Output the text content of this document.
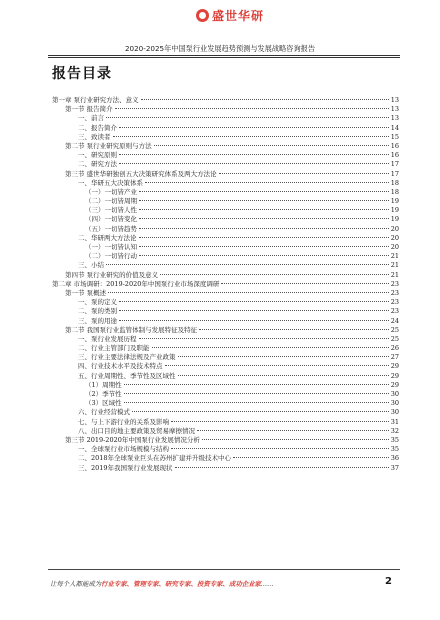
盛世华研
2020-2025年中国泵行业发展趋势预测与发展战略咨询报告
报告目录
第一章 泵行业研究方法、意义	13
第一节 报告简介	13
一、前言	13
二、报告简介	14
三、致读者	15
第二节 泵行业研究原则与方法	16
一、研究原则	16
二、研究方法	17
第三节 盛世华研独创五大决策研究体系及两大方法论	17
一、华研五大决策体系	18
（一）一切皆产业	18
（二）一切皆周期	19
（三）一切皆人性	19
（四）一切皆变化	19
（五）一切皆趋势	20
二、华研两大方法论	20
（一）一切皆认知	20
（二）一切皆行动	21
三、小结	21
第四节 泵行业研究的价值及意义	21
第二章 市场调研：2019-2020年中国泵行业市场深度调研	23
第一节 泵概述	23
一、泵的定义	23
二、泵的类别	23
三、泵的用途	24
第二节 我国泵行业监管体制与发展特征及特征	25
一、泵行业发展历程	25
二、行业主管部门及职能	26
三、行业主要法律法规及产业政策	27
四、行业技术水平及技术特点	29
五、行业周期性、季节性及区域性	29
（1）周期性	29
（2）季节性	30
（3）区域性	30
六、行业经营模式	30
七、与上下游行业的关系及影响	31
八、出口目的地主要政策及贸易摩擦情况	32
第三节 2019-2020年中国泵行业发展情况分析	35
一、全球泵行业市场规模与结构	35
二、2018年全球泵业巨头在苏州扩建并升级技术中心	36
三、2019年我国泵行业发展现状	37
让每个人都能成为行业专家、管理专家、研究专家、投资专家、成功企业家……	2
